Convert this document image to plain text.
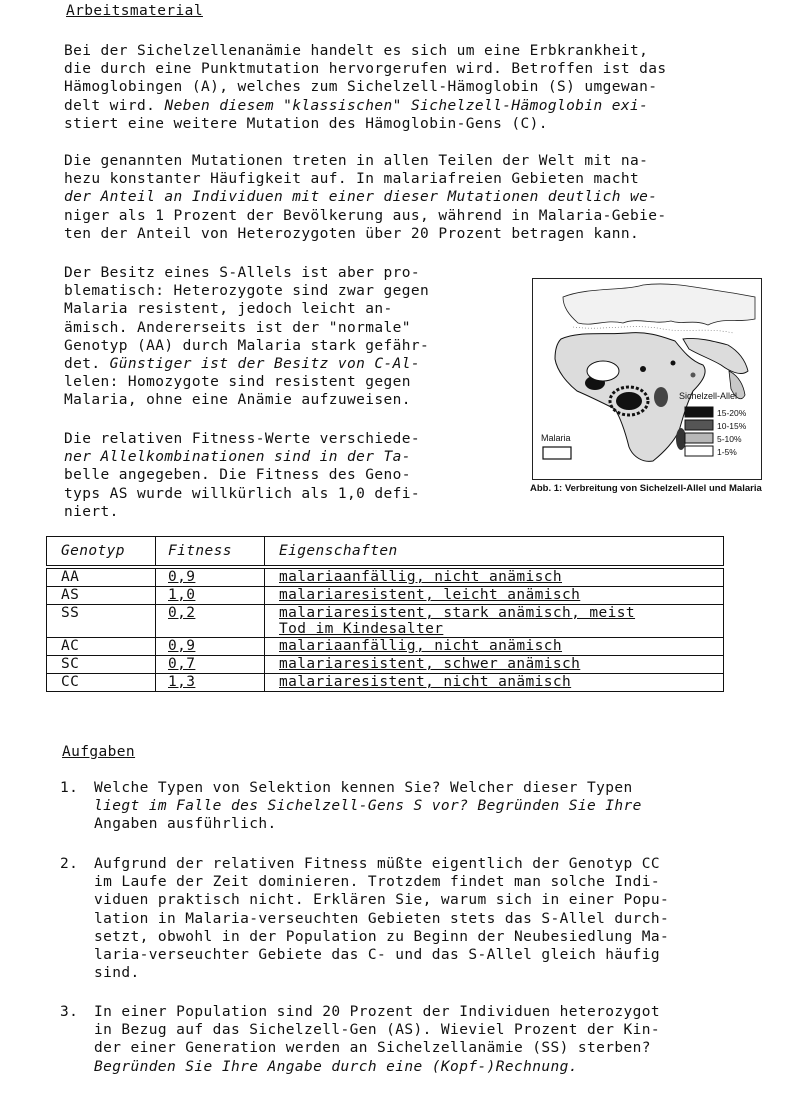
Arbeitsmaterial
Bei der Sichelzellenanämie handelt es sich um eine Erbkrankheit,
die durch eine Punktmutation hervorgerufen wird. Betroffen ist das
Hämoglobingen (A), welches zum Sichelzell-Hämoglobin (S) umgewan-
delt wird. Neben diesem "klassischen" Sichelzell-Hämoglobin exi-
stiert eine weitere Mutation des Hämoglobin-Gens (C).
Die genannten Mutationen treten in allen Teilen der Welt mit na-
hezu konstanter Häufigkeit auf. In malariafreien Gebieten macht
der Anteil an Individuen mit einer dieser Mutationen deutlich we-
niger als 1 Prozent der Bevölkerung aus, während in Malaria-Gebie-
ten der Anteil von Heterozygoten über 20 Prozent betragen kann.
Der Besitz eines S-Allels ist aber pro-
blematisch: Heterozygote sind zwar gegen
Malaria resistent, jedoch leicht an-
ämisch. Andererseits ist der "normale"
Genotyp (AA) durch Malaria stark gefähr-
det. Günstiger ist der Besitz von C-Al-
lelen: Homozygote sind resistent gegen
Malaria, ohne eine Anämie aufzuweisen.
Die relativen Fitness-Werte verschiede-
ner Allelkombinationen sind in der Ta-
belle angegeben. Die Fitness des Geno-
typs AS wurde willkürlich als 1,0 defi-
niert.
Sichelzell-Allel
15-20%
10-15%
5-10%
1-5%
Malaria
Abb. 1: Verbreitung von Sichelzell-Allel und Malaria
Genotyp	Fitness	Eigenschaften
AA	0,9	malariaanfällig, nicht anämisch

AS	1,0	malariaresistent, leicht anämisch

SS	0,2	malariaresistent, stark anämisch, meist
Tod im Kindesalter

AC	0,9	malariaanfällig, nicht anämisch

SC	0,7	malariaresistent, schwer anämisch

CC	1,3	malariaresistent, nicht anämisch
Aufgaben
1. Welche Typen von Selektion kennen Sie? Welcher dieser Typen
liegt im Falle des Sichelzell-Gens S vor? Begründen Sie Ihre
Angaben ausführlich.
2. Aufgrund der relativen Fitness müßte eigentlich der Genotyp CC
im Laufe der Zeit dominieren. Trotzdem findet man solche Indi-
viduen praktisch nicht. Erklären Sie, warum sich in einer Popu-
lation in Malaria-verseuchten Gebieten stets das S-Allel durch-
setzt, obwohl in der Population zu Beginn der Neubesiedlung Ma-
laria-verseuchter Gebiete das C- und das S-Allel gleich häufig
sind.
3. In einer Population sind 20 Prozent der Individuen heterozygot
in Bezug auf das Sichelzell-Gen (AS). Wieviel Prozent der Kin-
der einer Generation werden an Sichelzellanämie (SS) sterben?
Begründen Sie Ihre Angabe durch eine (Kopf-)Rechnung.
